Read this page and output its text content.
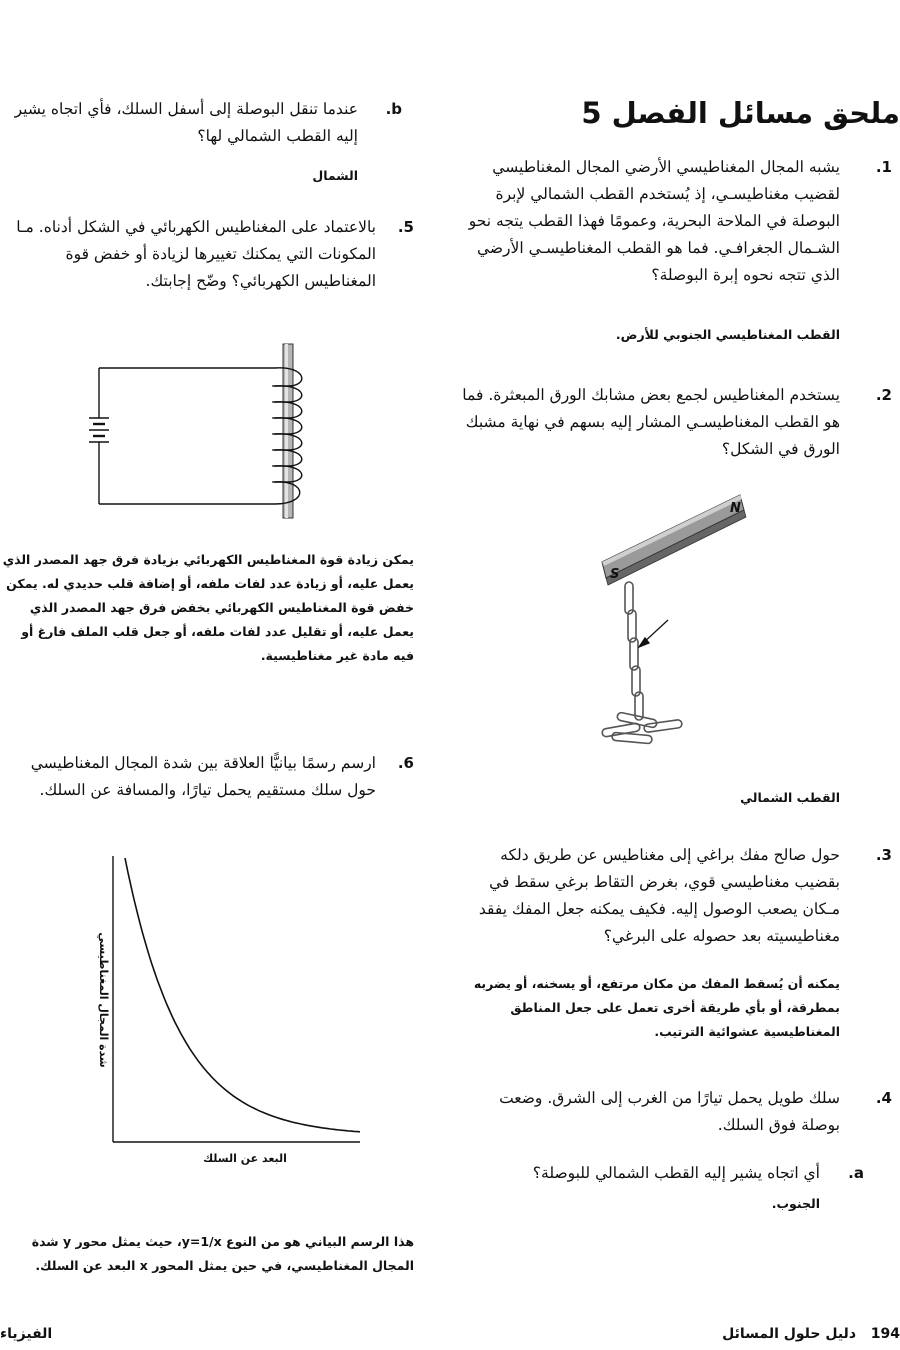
ملحق مسائل الفصل 5
.1
يشبه المجال المغناطيسي الأرضي المجال المغناطيسي لقضيب مغناطيسـي، إذ يُستخدم القطب الشمالي لإبرة البوصلة في الملاحة البحرية، وعمومًا فهذا القطب يتجه نحو الشـمال الجغرافـي. فما هو القطب المغناطيسـي الأرضي الذي تتجه نحوه إبرة البوصلة؟
القطب المغناطيسي الجنوبي للأرض.
.2
يستخدم المغناطيس لجمع بعض مشابك الورق المبعثرة. فما هو القطب المغناطيسـي المشار إليه بسهم في نهاية مشبك الورق في الشكل؟
N
S
القطب الشمالي
.3
حول صالح مفك براغي إلى مغناطيس عن طريق دلكه بقضيب مغناطيسي قوي، بغرض التقاط برغي سقط في مـكان يصعب الوصول إليه. فكيف يمكنه جعل المفك يفقد مغناطيسيته بعد حصوله على البرغي؟
يمكنه أن يُسقط المفك من مكان مرتفع، أو يسخنه، أو يضربه بمطرقة، أو بأي طريقة أخرى تعمل على جعل المناطق المغناطيسية عشوائية الترتيب.
.4
سلك طويل يحمل تيارًا من الغرب إلى الشرق. وضعت بوصلة فوق السلك.
.a
أي اتجاه يشير إليه القطب الشمالي للبوصلة؟
الجنوب.
194
دليل حلول المسائل
.b
عندما تنقل البوصلة إلى أسفل السلك، فأي اتجاه يشير إليه القطب الشمالي لها؟
الشمال
.5
بالاعتماد على المغناطيس الكهربائي في الشكل أدناه. مـا المكونات التي يمكنك تغييرها لزيادة أو خفض قوة المغناطيس الكهربائي؟ وضّح إجابتك.
يمكن زيادة قوة المغناطيس الكهربائي بزيادة فرق جهد المصدر الذي يعمل عليه، أو زيادة عدد لفات ملفه، أو إضافة قلب حديدي له. يمكن خفض قوة المغناطيس الكهربائي بخفض فرق جهد المصدر الذي يعمل عليه، أو تقليل عدد لفات ملفه، أو جعل قلب الملف فارغ أو فيه مادة غير مغناطيسية.
.6
ارسم رسمًا بيانيًّا العلاقة بين شدة المجال المغناطيسي حول سلك مستقيم يحمل تيارًا، والمسافة عن السلك.
البعد عن السلك
شدة المجال المغناطيسي
هذا الرسم البياني هو من النوع y=1/x، حيث يمثل محور y شدة المجال المغناطيسي، في حين يمثل المحور x البعد عن السلك.
الفيزياء
